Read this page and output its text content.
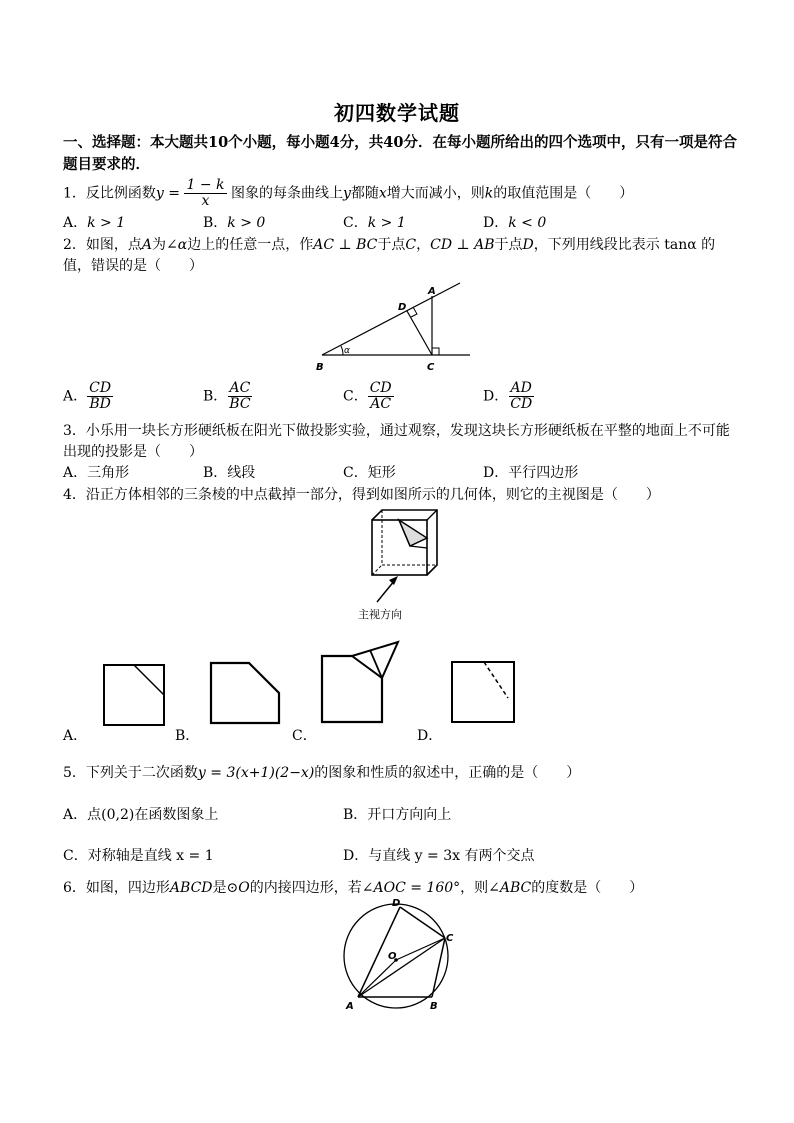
初四数学试题
一、选择题：本大题共10个小题，每小题4分，共40分．在每小题所给出的四个选项中，只有一项是符合
题目要求的．
1．反比例函数$y = \frac{1 - k}{x}$ 图象的每条曲线上y都随x增大而减小，则k的取值范围是（　　）
A．k > 1	B．k > 0	C．k > 1	D．k < 0
2．如图，点A为∠α边上的任意一点，作AC ⊥ BC于点C，CD ⊥ AB于点D，下列用线段比表示 tanα 的
值，错误的是（　　）
B	C
A
D
α
A． $\frac{CD}{BD}$	B． $\frac{AC}{BC}$	C． $\frac{CD}{AC}$	D． $\frac{AD}{CD}$
3．小乐用一块长方形硬纸板在阳光下做投影实验，通过观察，发现这块长方形硬纸板在平整的地面上不可能
出现的投影是（　　）
A．三角形	B．线段	C．矩形	D．平行四边形
4．沿正方体相邻的三条棱的中点截掉一部分，得到如图所示的几何体，则它的主视图是（　　）
主视方向
A．	B．	C．	D．
5．下列关于二次函数y = 3(x+1)(2−x)的图象和性质的叙述中，正确的是（　　）
A．点(0,2)在函数图象上	B．开口方向向上
C．对称轴是直线 x = 1	D．与直线 y = 3x 有两个交点
6．如图，四边形ABCD是⊙O的内接四边形，若∠AOC = 160°，则∠ABC的度数是（　　）
A	B
C
D
O
